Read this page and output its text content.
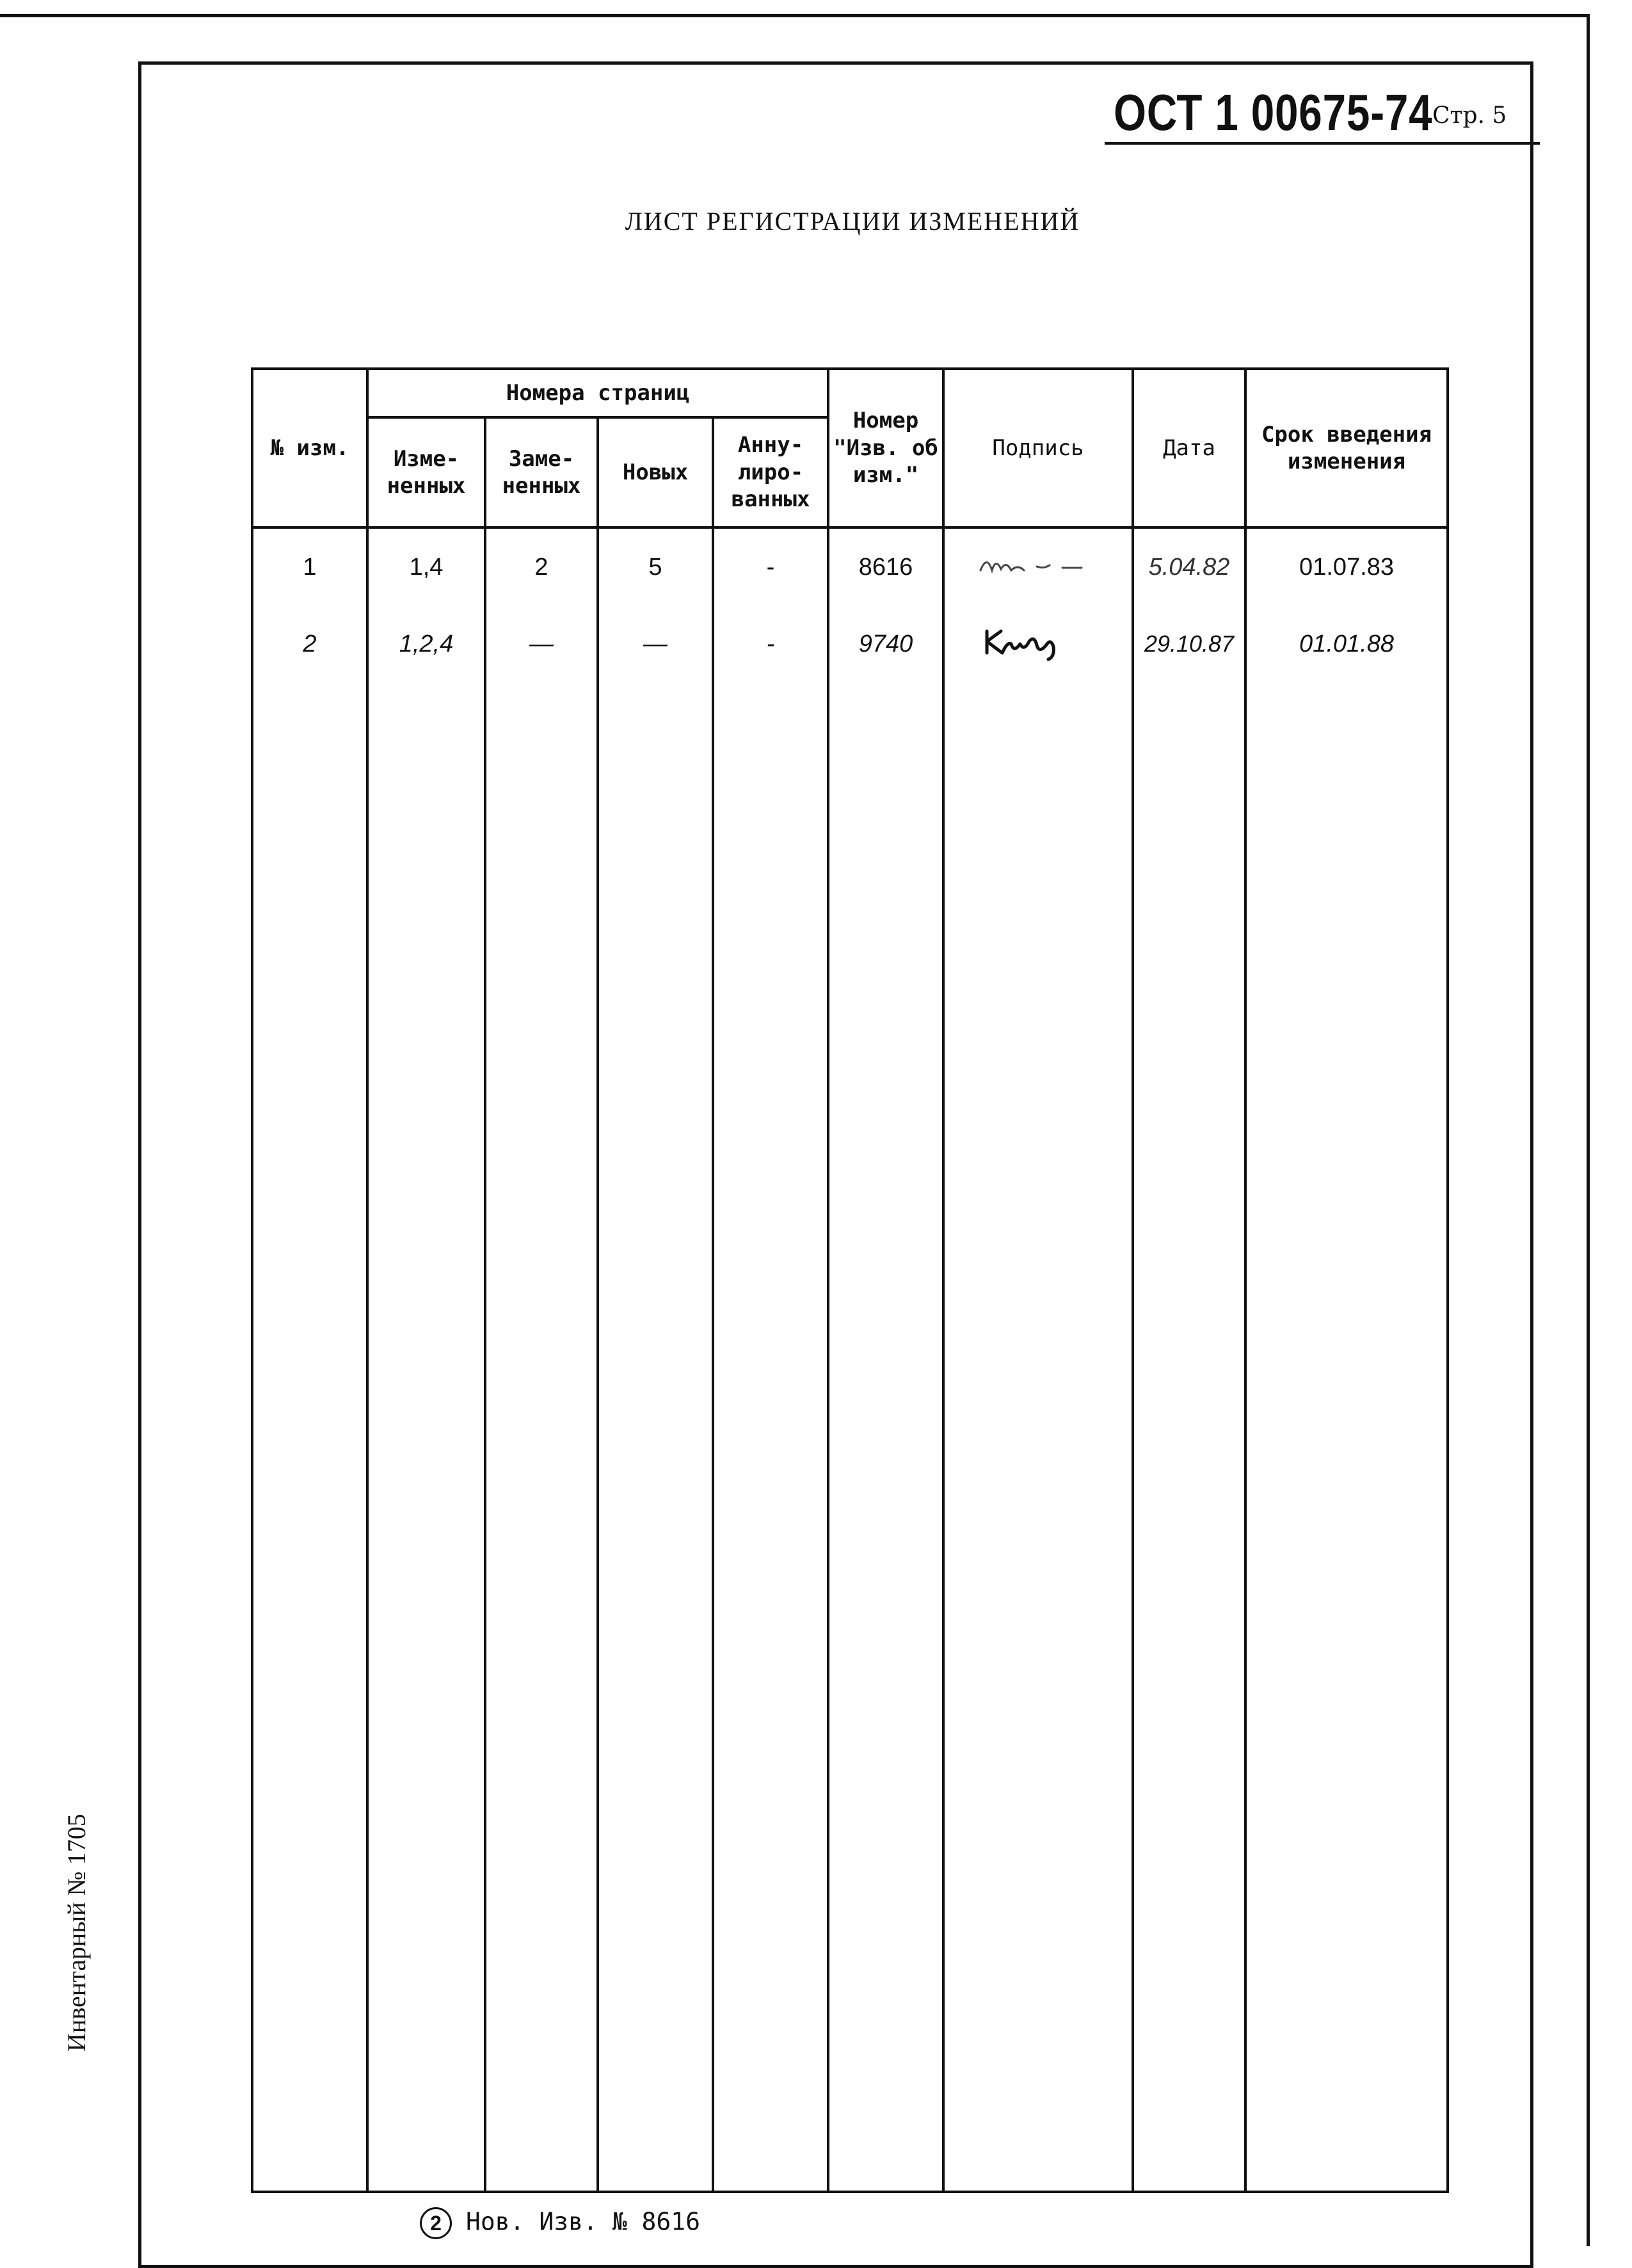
ОСТ 1 00675-74 Стр. 5
ЛИСТ РЕГИСТРАЦИИ ИЗМЕНЕНИЙ
№ изм.	Номера страниц				Номер "Изв. об изм."	Подпись	Дата	Срок введения изменения
	Изме-ненных	Заме-ненных	Новых	Анну-лиро-ванных				
1	1,4	2	5	-	8616		5.04.82	01.07.83
2	1,2,4	—	—	-	9740		29.10.87	01.01.88

2 Нов. Изв. № 8616
Инвентарный № 1705
